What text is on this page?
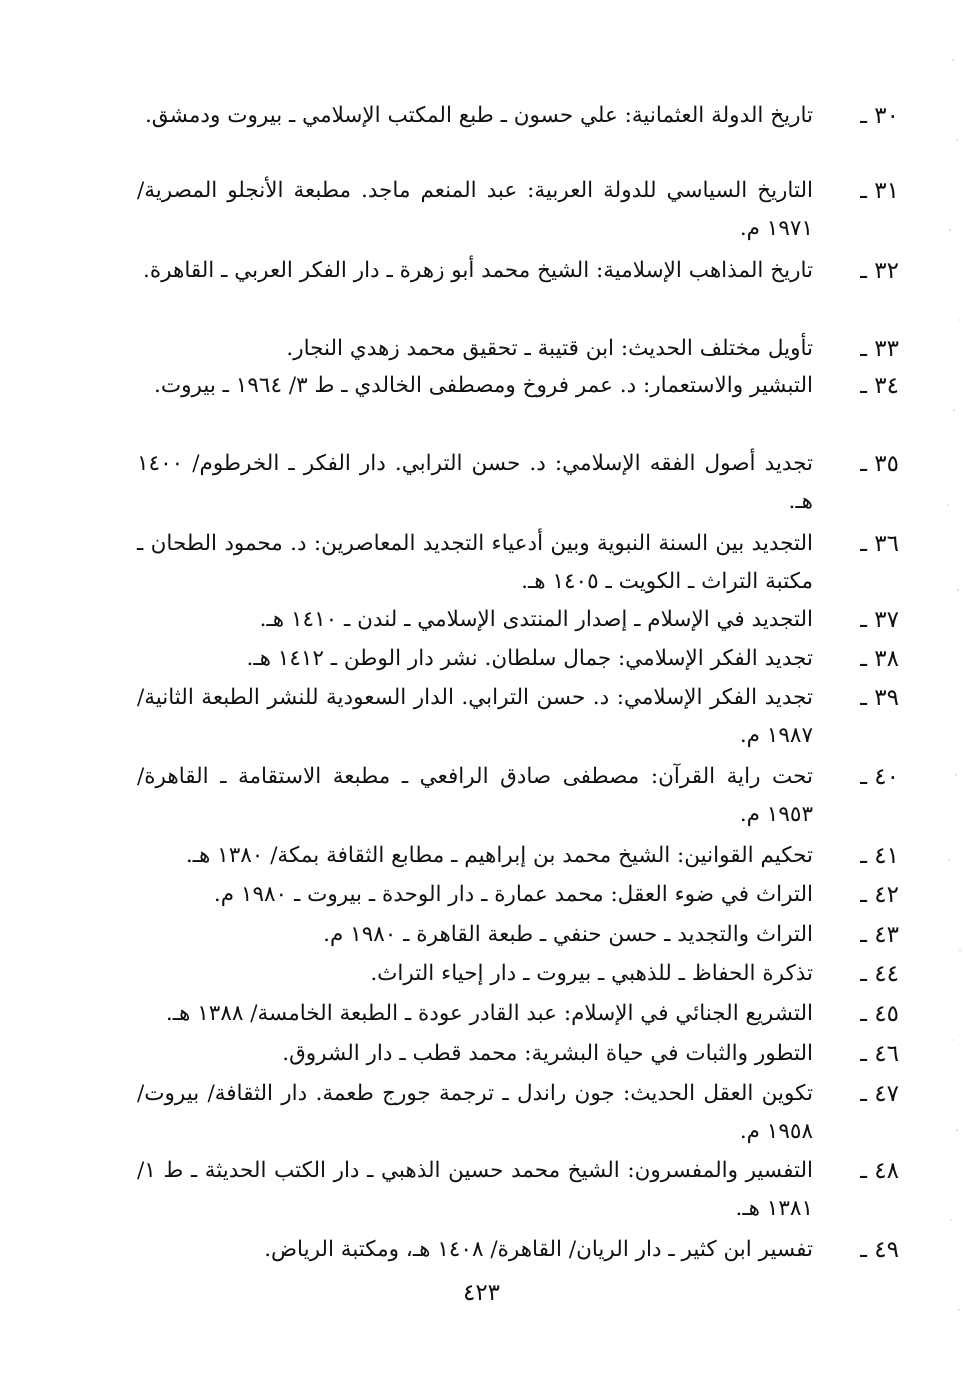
٣٠ ـ
تاريخ الدولة العثمانية: علي حسون ـ طبع المكتب الإسلامي ـ بيروت ودمشق.
٣١ ـ
التاريخ السياسي للدولة العربية: عبد المنعم ماجد. مطبعة الأنجلو المصرية/ ١٩٧١ م.
٣٢ ـ
تاريخ المذاهب الإسلامية: الشيخ محمد أبو زهرة ـ دار الفكر العربي ـ القاهرة.
٣٣ ـ
تأويل مختلف الحديث: ابن قتيبة ـ تحقيق محمد زهدي النجار.
٣٤ ـ
التبشير والاستعمار: د. عمر فروخ ومصطفى الخالدي ـ ط ٣/ ١٩٦٤ ـ بيروت.
٣٥ ـ
تجديد أصول الفقه الإسلامي: د. حسن الترابي. دار الفكر ـ الخرطوم/ ١٤٠٠ هـ.
٣٦ ـ
التجديد بين السنة النبوية وبين أدعياء التجديد المعاصرين: د. محمود الطحان ـ مكتبة التراث ـ الكويت ـ ١٤٠٥ هـ.
٣٧ ـ
التجديد في الإسلام ـ إصدار المنتدى الإسلامي ـ لندن ـ ١٤١٠ هـ.
٣٨ ـ
تجديد الفكر الإسلامي: جمال سلطان. نشر دار الوطن ـ ١٤١٢ هـ.
٣٩ ـ
تجديد الفكر الإسلامي: د. حسن الترابي. الدار السعودية للنشر الطبعة الثانية/ ١٩٨٧ م.
٤٠ ـ
تحت راية القرآن: مصطفى صادق الرافعي ـ مطبعة الاستقامة ـ القاهرة/ ١٩٥٣ م.
٤١ ـ
تحكيم القوانين: الشيخ محمد بن إبراهيم ـ مطابع الثقافة بمكة/ ١٣٨٠ هـ.
٤٢ ـ
التراث في ضوء العقل: محمد عمارة ـ دار الوحدة ـ بيروت ـ ١٩٨٠ م.
٤٣ ـ
التراث والتجديد ـ حسن حنفي ـ طبعة القاهرة ـ ١٩٨٠ م.
٤٤ ـ
تذكرة الحفاظ ـ للذهبي ـ بيروت ـ دار إحياء التراث.
٤٥ ـ
التشريع الجنائي في الإسلام: عبد القادر عودة ـ الطبعة الخامسة/ ١٣٨٨ هـ.
٤٦ ـ
التطور والثبات في حياة البشرية: محمد قطب ـ دار الشروق.
٤٧ ـ
تكوين العقل الحديث: جون راندل ـ ترجمة جورج طعمة. دار الثقافة/ بيروت/ ١٩٥٨ م.
٤٨ ـ
التفسير والمفسرون: الشيخ محمد حسين الذهبي ـ دار الكتب الحديثة ـ ط ١/ ١٣٨١ هـ.
٤٩ ـ
تفسير ابن كثير ـ دار الريان/ القاهرة/ ١٤٠٨ هـ، ومكتبة الرياض.
٤٢٣
